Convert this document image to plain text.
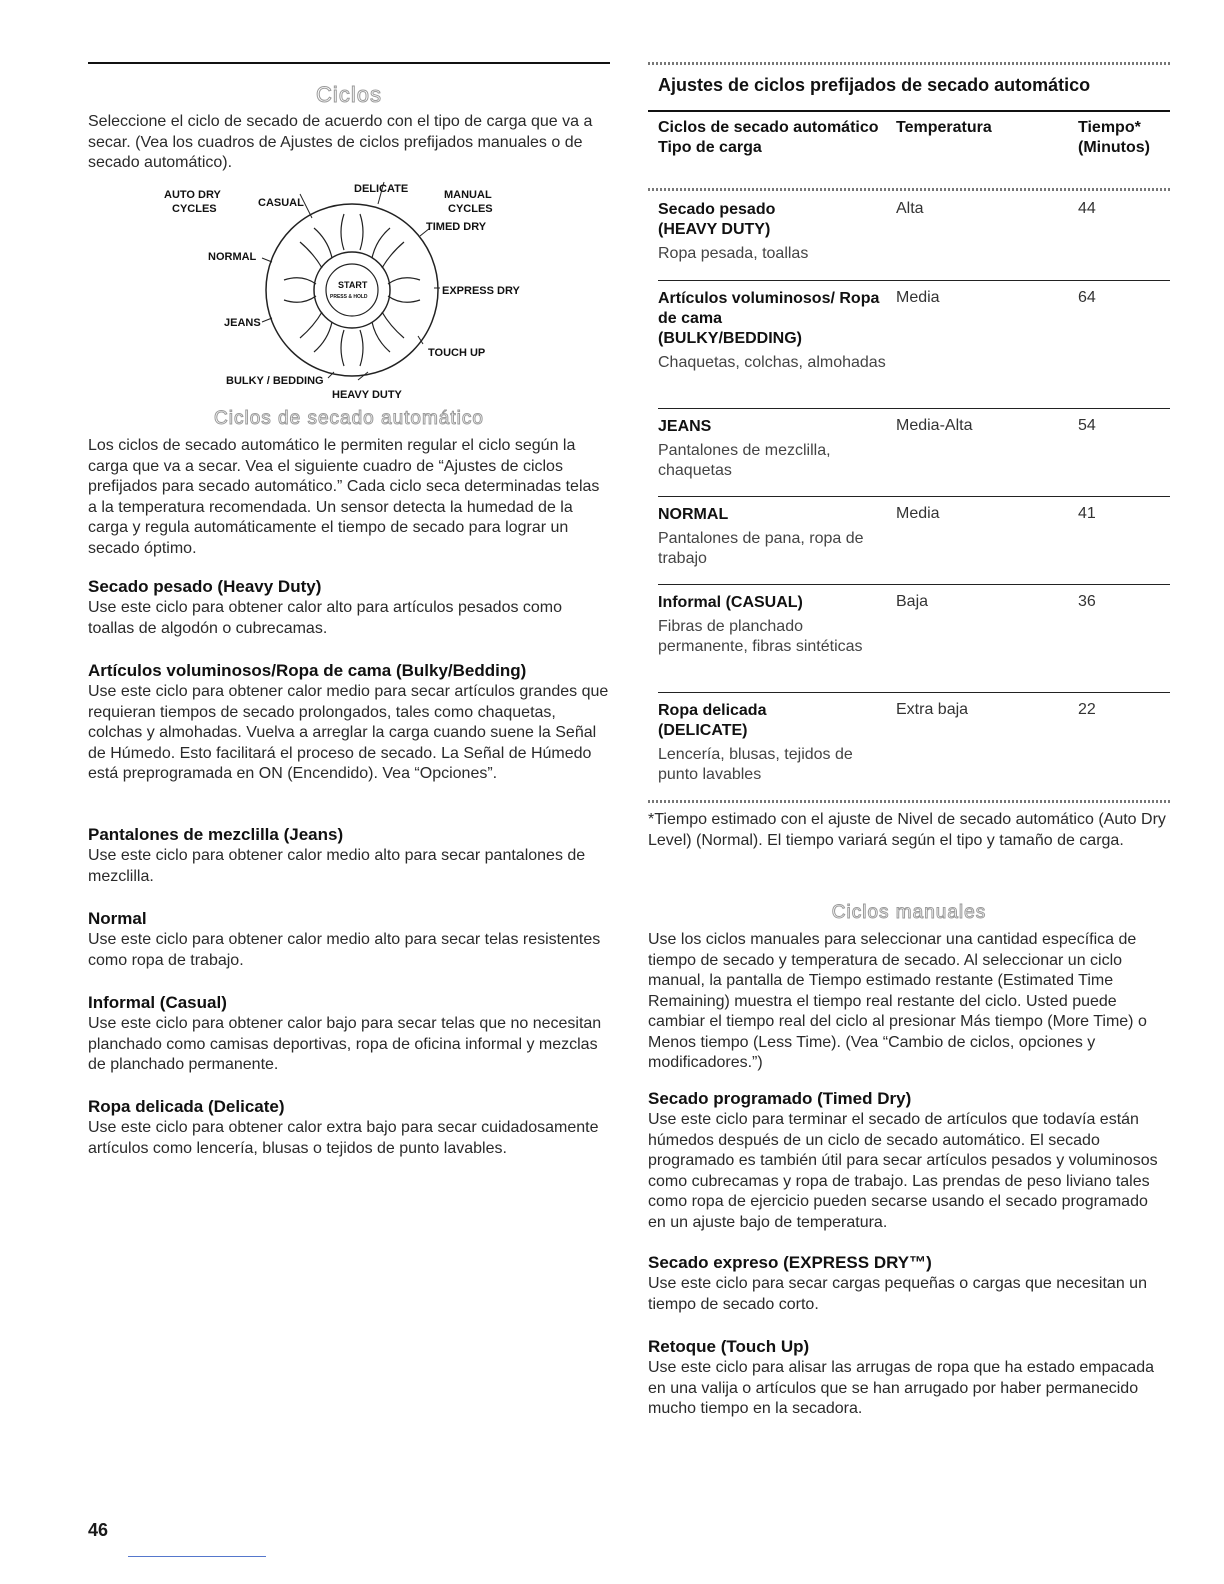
Ciclos

Seleccione el ciclo de secado de acuerdo con el tipo de carga que va a secar. (Vea los cuadros de Ajustes de ciclos prefijados manuales o de secado automático).

AUTO DRY
CYCLES	CASUAL
DELICATE	MANUAL
CYCLES
TIMED DRY
NORMAL
EXPRESS DRY
JEANS
TOUCH UP
BULKY / BEDDING
HEAVY DUTY
START
PRESS & HOLD
Ciclos de secado automático

Los ciclos de secado automático le permiten regular el ciclo según la carga que va a secar. Vea el siguiente cuadro de “Ajustes de ciclos prefijados para secado automático.” Cada ciclo seca determinadas telas a la temperatura recomendada. Un sensor detecta la humedad de la carga y regula automáticamente el tiempo de secado para lograr un secado óptimo.

Secado pesado (Heavy Duty)

Use este ciclo para obtener calor alto para artículos pesados como toallas de algodón o cubrecamas.

Artículos voluminosos/Ropa de cama (Bulky/Bedding)

Use este ciclo para obtener calor medio para secar artículos grandes que requieran tiempos de secado prolongados, tales como chaquetas, colchas y almohadas. Vuelva a arreglar la carga cuando suene la Señal de Húmedo. Esto facilitará el proceso de secado. La Señal de Húmedo está preprogramada en ON (Encendido). Vea “Opciones”.

Pantalones de mezclilla (Jeans)

Use este ciclo para obtener calor medio alto para secar pantalones de mezclilla.

Normal

Use este ciclo para obtener calor medio alto para secar telas resistentes como ropa de trabajo.

Informal (Casual)

Use este ciclo para obtener calor bajo para secar telas que no necesitan planchado como camisas deportivas, ropa de oficina informal y mezclas de planchado permanente.

Ropa delicada (Delicate)

Use este ciclo para obtener calor extra bajo para secar cuidadosamente artículos como lencería, blusas o tejidos de punto lavables.

Ajustes de ciclos prefijados de secado automático
Ciclos de secado automático
Tipo de carga
Temperatura	Tiempo*
(Minutos)
Secado pesado
(HEAVY DUTY)
Ropa pesada, toallas
Alta	44
Artículos voluminosos/ Ropa de cama
(BULKY/BEDDING)
Chaquetas, colchas, almohadas
Media	64
JEANS
Pantalones de mezclilla, chaquetas
Media-Alta	54
NORMAL
Pantalones de pana, ropa de trabajo
Media	41
Informal (CASUAL)
Fibras de planchado permanente, fibras sintéticas
Baja	36
Ropa delicada
(DELICATE)
Lencería, blusas, tejidos de punto lavables
Extra baja	22

*Tiempo estimado con el ajuste de Nivel de secado automático (Auto Dry Level) (Normal). El tiempo variará según el tipo y tamaño de carga.

Ciclos manuales

Use los ciclos manuales para seleccionar una cantidad específica de tiempo de secado y temperatura de secado. Al seleccionar un ciclo manual, la pantalla de Tiempo estimado restante (Estimated Time Remaining) muestra el tiempo real restante del ciclo. Usted puede cambiar el tiempo real del ciclo al presionar Más tiempo (More Time) o Menos tiempo (Less Time). (Vea “Cambio de ciclos, opciones y modificadores.”)

Secado programado (Timed Dry)

Use este ciclo para terminar el secado de artículos que todavía están húmedos después de un ciclo de secado automático. El secado programado es también útil para secar artículos pesados y voluminosos como cubrecamas y ropa de trabajo. Las prendas de peso liviano tales como ropa de ejercicio pueden secarse usando el secado programado en un ajuste bajo de temperatura.

Secado expreso (EXPRESS DRY™)

Use este ciclo para secar cargas pequeñas o cargas que necesitan un tiempo de secado corto.

Retoque (Touch Up)

Use este ciclo para alisar las arrugas de ropa que ha estado empacada en una valija o artículos que se han arrugado por haber permanecido mucho tiempo en la secadora.

46
